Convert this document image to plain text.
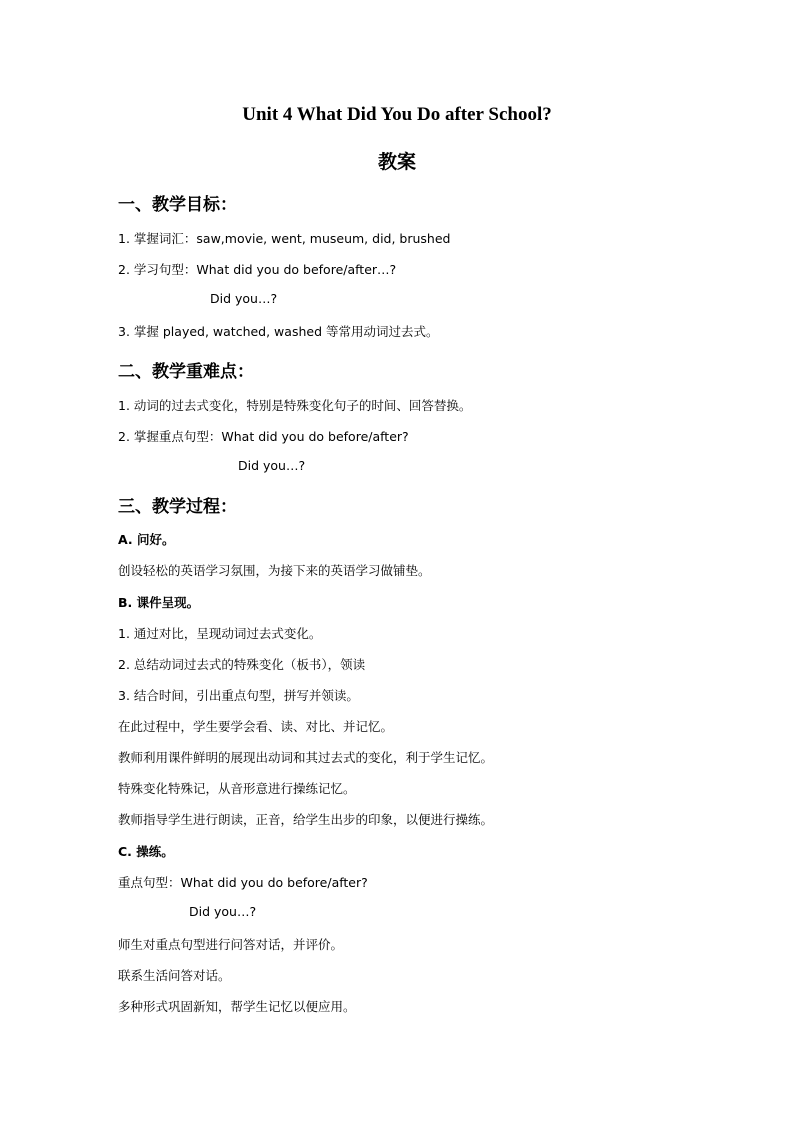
Unit 4 What Did You Do after School?
教案
一、教学目标：
1. 掌握词汇：saw,movie, went, museum, did, brushed
2. 学习句型：What did you do before/after…?
Did you…?
3. 掌握 played, watched, washed 等常用动词过去式。
二、教学重难点：
1. 动词的过去式变化，特别是特殊变化句子的时间、回答替换。
2. 掌握重点句型：What did you do before/after?
Did you…?
三、教学过程：
A. 问好。
创设轻松的英语学习氛围，为接下来的英语学习做铺垫。
B. 课件呈现。
1. 通过对比，呈现动词过去式变化。
2. 总结动词过去式的特殊变化（板书），领读
3. 结合时间，引出重点句型，拼写并领读。
在此过程中，学生要学会看、读、对比、并记忆。
教师利用课件鲜明的展现出动词和其过去式的变化，利于学生记忆。
特殊变化特殊记，从音形意进行操练记忆。
教师指导学生进行朗读，正音，给学生出步的印象，以便进行操练。
C. 操练。
重点句型：What did you do before/after?
Did you…?
师生对重点句型进行问答对话，并评价。
联系生活问答对话。
多种形式巩固新知，帮学生记忆以便应用。
